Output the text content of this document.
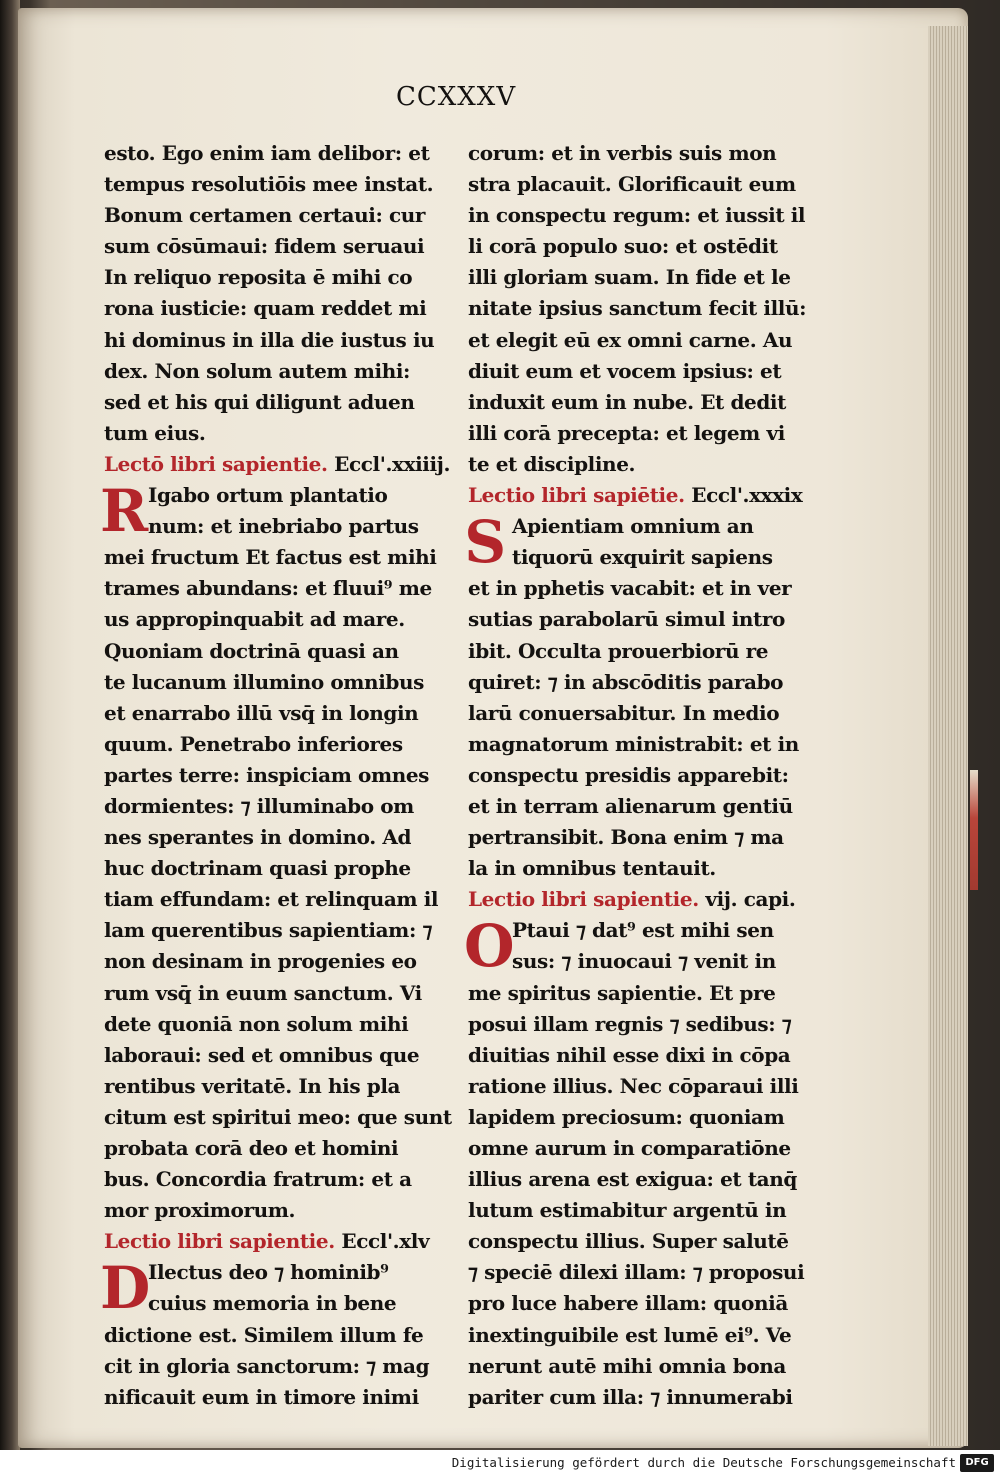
CCXXXV
esto. Ego enim iam delibor: et
tempus resolutiōis mee instat.
Bonum certamen certaui: cur
sum cōsūmaui: fidem seruaui
In reliquo reposita ē mihi co
rona iusticie: quam reddet mi
hi dominus in illa die iustus iu
dex. Non solum autem mihi:
sed et his qui diligunt aduen
tum eius.
Lectō libri sapientie. Eccl'.xxiiij.
R Igabo ortum plantatio
num: et inebriabo partus
mei fructum Et factus est mihi
trames abundans: et fluui⁹ me
us appropinquabit ad mare.
Quoniam doctrinā quasi an
te lucanum illumino omnibus
et enarrabo illū vsq̄ in longin
quum. Penetrabo inferiores
partes terre: inspiciam omnes
dormientes: ⁊ illuminabo om
nes sperantes in domino. Ad
huc doctrinam quasi prophe
tiam effundam: et relinquam il
lam querentibus sapientiam: ⁊
non desinam in progenies eo
rum vsq̄ in euum sanctum. Vi
dete quoniā non solum mihi
laboraui: sed et omnibus que
rentibus veritatē. In his pla
citum est spiritui meo: que sunt
probata corā deo et homini
bus. Concordia fratrum: et a
mor proximorum.
Lectio libri sapientie. Eccl'.xlv
D
Ilectus deo ⁊ hominib⁹
cuius memoria in bene
dictione est. Similem illum fe
cit in gloria sanctorum: ⁊ mag
nificauit eum in timore inimi
corum: et in verbis suis mon
stra placauit. Glorificauit eum
in conspectu regum: et iussit il
li corā populo suo: et ostēdit
illi gloriam suam. In fide et le
nitate ipsius sanctum fecit illū:
et elegit eū ex omni carne. Au
diuit eum et vocem ipsius: et
induxit eum in nube. Et dedit
illi corā precepta: et legem vi
te et discipline.
Lectio libri sapiētie. Eccl'.xxxix
S Apientiam omnium an
tiquorū exquirit sapiens
et in pphetis vacabit: et in ver
sutias parabolarū simul intro
ibit. Occulta prouerbiorū re
quiret: ⁊ in abscōditis parabo
larū conuersabitur. In medio
magnatorum ministrabit: et in
conspectu presidis apparebit:
et in terram alienarum gentiū
pertransibit. Bona enim ⁊ ma
la in omnibus tentauit.
Lectio libri sapientie. vij. capi.
O
Ptaui ⁊ dat⁹ est mihi sen
sus: ⁊ inuocaui ⁊ venit in
me spiritus sapientie. Et pre
posui illam regnis ⁊ sedibus: ⁊
diuitias nihil esse dixi in cōpa
ratione illius. Nec cōparaui illi
lapidem preciosum: quoniam
omne aurum in comparatiōne
illius arena est exigua: et tanq̄
lutum estimabitur argentū in
conspectu illius. Super salutē
⁊ speciē dilexi illam: ⁊ proposui
pro luce habere illam: quoniā
inextinguibile est lumē ei⁹. Ve
nerunt autē mihi omnia bona
pariter cum illa: ⁊ innumerabi
Digitalisierung gefördert durch die Deutsche Forschungsgemeinschaft DFG
